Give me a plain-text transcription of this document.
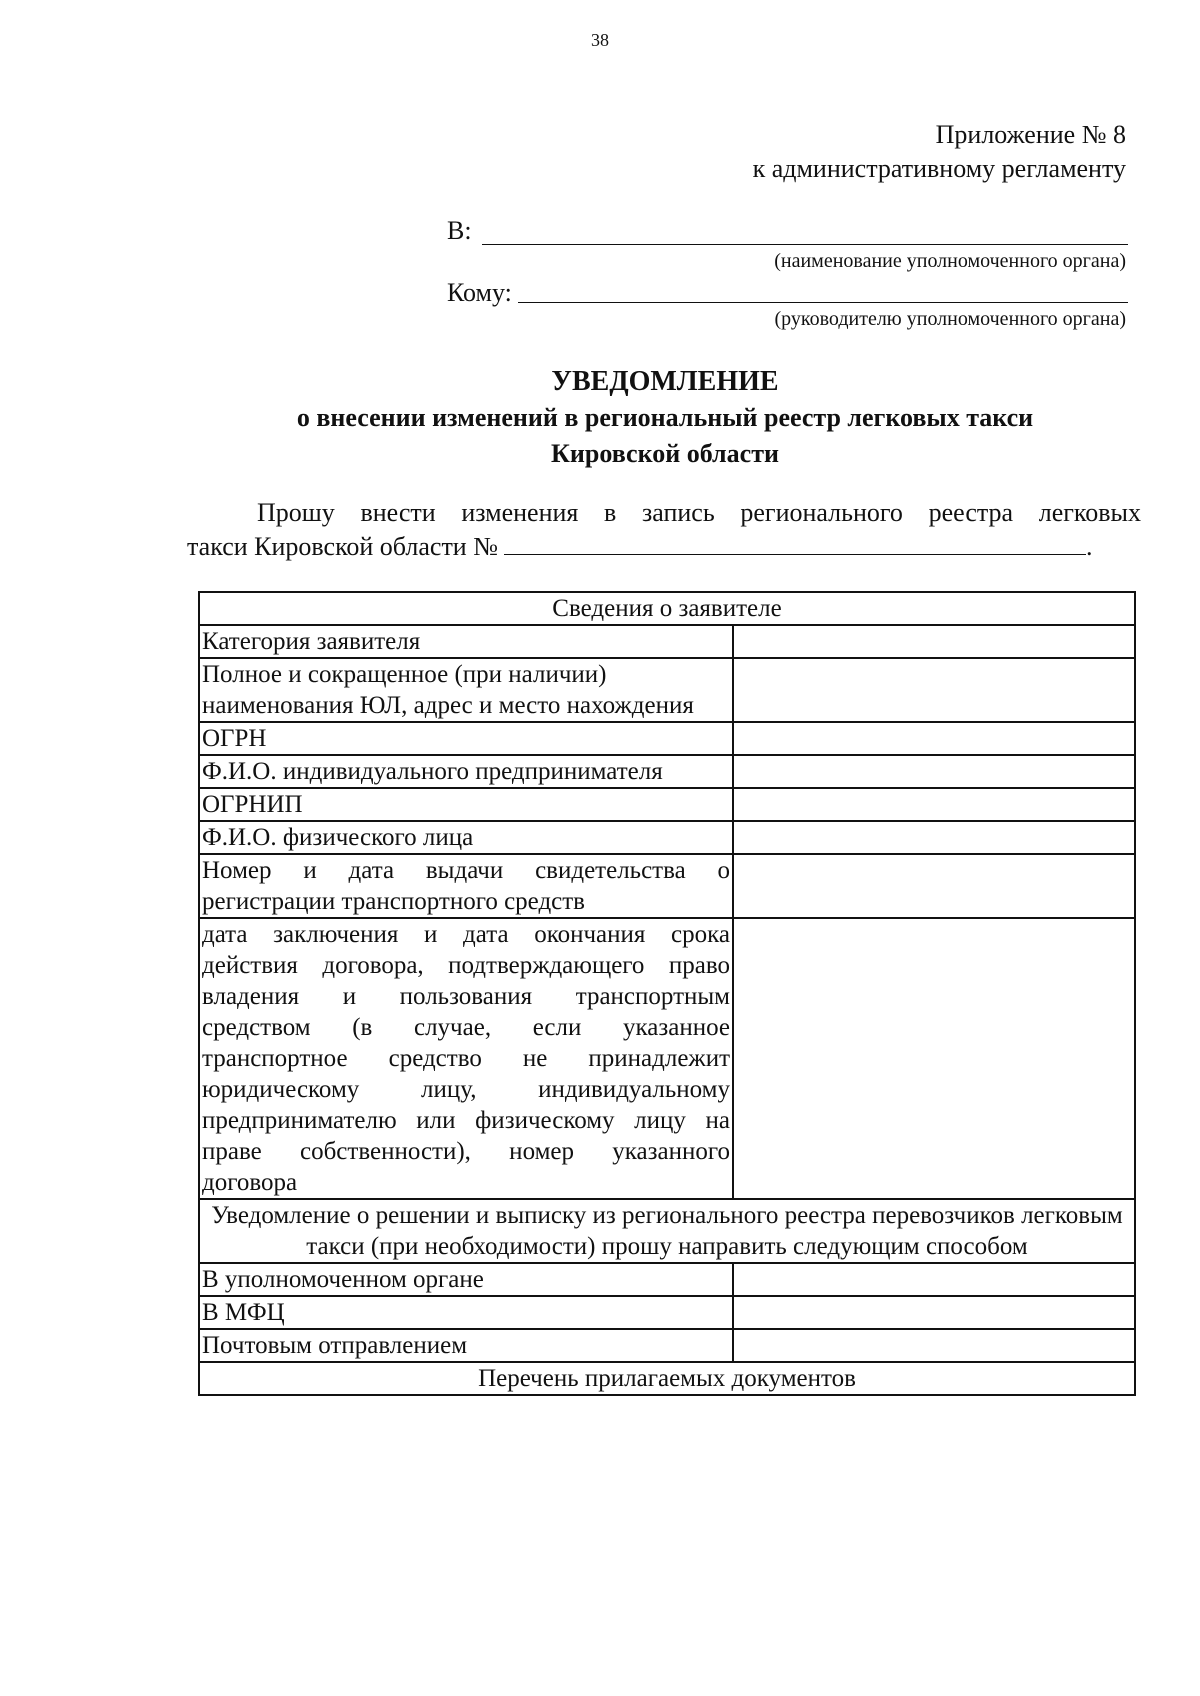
38
Приложение № 8
к административному регламенту
В:
(наименование уполномоченного органа)
Кому:
(руководителю уполномоченного органа)
УВЕДОМЛЕНИЕ
о внесении изменений в региональный реестр легковых такси
Кировской области
Прошу внести изменения в запись регионального реестра легковых
такси Кировской области №	.
Сведения о заявителе	
Категория заявителя	
Полное и сокращенное (при наличии) наименования ЮЛ, адрес и место нахождения	
ОГРН	
Ф.И.О. индивидуального предпринимателя	
ОГРНИП	
Ф.И.О. физического лица	
Номер и дата выдачи свидетельства о регистрации транспортного средств	
дата заключения и дата окончания срока действия договора, подтверждающего право владения и пользования транспортным средством (в случае, если указанное транспортное средство не принадлежит юридическому лицу, индивидуальному предпринимателю или физическому лицу на праве собственности), номер указанного договора	
Уведомление о решении и выписку из регионального реестра перевозчиков легковым такси (при необходимости) прошу направить следующим способом	
В уполномоченном органе	
В МФЦ	
Почтовым отправлением	
Перечень прилагаемых документов	
